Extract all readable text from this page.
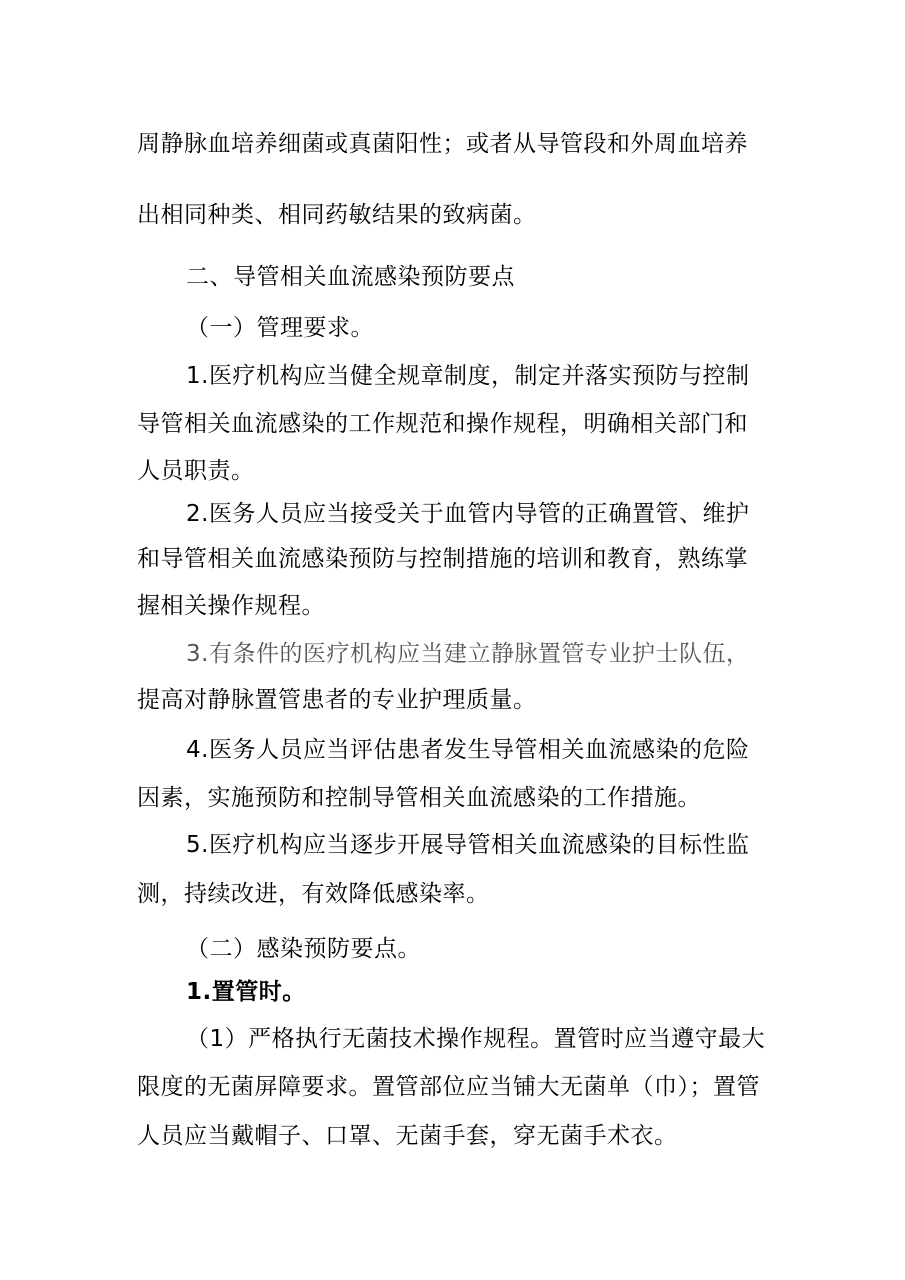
周静脉血培养细菌或真菌阳性；或者从导管段和外周血培养
出相同种类、相同药敏结果的致病菌。
二、导管相关血流感染预防要点
（一）管理要求。
1.医疗机构应当健全规章制度，制定并落实预防与控制
导管相关血流感染的工作规范和操作规程，明确相关部门和
人员职责。
2.医务人员应当接受关于血管内导管的正确置管、维护
和导管相关血流感染预防与控制措施的培训和教育，熟练掌
握相关操作规程。
3.有条件的医疗机构应当建立静脉置管专业护士队伍，
提高对静脉置管患者的专业护理质量。
4.医务人员应当评估患者发生导管相关血流感染的危险
因素，实施预防和控制导管相关血流感染的工作措施。
5.医疗机构应当逐步开展导管相关血流感染的目标性监
测，持续改进，有效降低感染率。
（二）感染预防要点。
1.置管时。
（1）严格执行无菌技术操作规程。置管时应当遵守最大
限度的无菌屏障要求。置管部位应当铺大无菌单（巾）；置管
人员应当戴帽子、口罩、无菌手套，穿无菌手术衣。
